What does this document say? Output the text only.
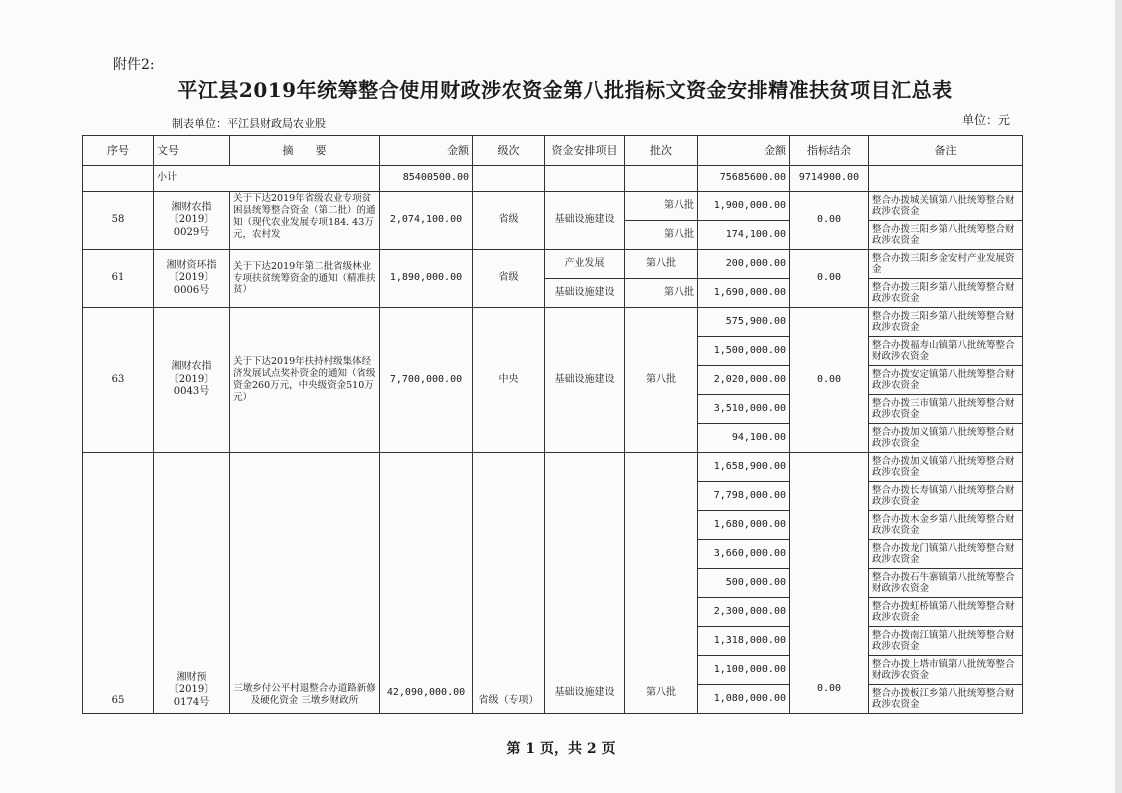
附件2:
平江县2019年统筹整合使用财政涉农资金第八批指标文资金安排精准扶贫项目汇总表
制表单位：平江县财政局农业股	单位：元
序号	文号	摘　　要	金额	级次	资金安排项目	批次	金额	指标结余	备注
	小计		85400500.00				75685600.00	9714900.00	
58	湘财农指〔2019〕0029号	关于下达2019年省级农业专项贫困县统筹整合资金（第二批）的通知（现代农业发展专项184. 43万元，农村发	2,074,100.00	省级	基础设施建设	第八批	1,900,000.00	0.00	整合办拨城关镇第八批统筹整合财政涉农资金
						第八批	174,100.00		整合办拨三阳乡第八批统筹整合财政涉农资金
61	湘财资环指〔2019〕0006号	关于下达2019年第二批省级林业专项扶贫统筹资金的通知（精准扶贫）	1,890,000.00	省级	产业发展	第八批	200,000.00	0.00	整合办拨三阳乡金安村产业发展资金
					基础设施建设	第八批	1,690,000.00		整合办拨三阳乡第八批统筹整合财政涉农资金
63	湘财农指〔2019〕0043号	关于下达2019年扶持村级集体经济发展试点奖补资金的通知（省级资金260万元，中央级资金510万元）	7,700,000.00	中央	基础设施建设	第八批	575,900.00	0.00	整合办拨三阳乡第八批统筹整合财政涉农资金
							1,500,000.00		整合办拨福寿山镇第八批统筹整合财政涉农资金
							2,020,000.00		整合办拨安定镇第八批统筹整合财政涉农资金
							3,510,000.00		整合办拨三市镇第八批统筹整合财政涉农资金
							94,100.00		整合办拨加义镇第八批统筹整合财政涉农资金
65	湘财预〔2019〕0174号	三墩乡付公平村退整合办道路新修及硬化资金 三墩乡财政所	42,090,000.00	省级（专项）	基础设施建设	第八批	1,658,900.00	0.00	整合办拨加义镇第八批统筹整合财政涉农资金
							7,798,000.00		整合办拨长寿镇第八批统筹整合财政涉农资金
							1,680,000.00		整合办拨木金乡第八批统筹整合财政涉农资金
							3,660,000.00		整合办拨龙门镇第八批统筹整合财政涉农资金
							500,000.00		整合办拨石牛寨镇第八批统筹整合财政涉农资金
							2,300,000.00		整合办拨虹桥镇第八批统筹整合财政涉农资金
							1,318,000.00		整合办拨南江镇第八批统筹整合财政涉农资金
							1,100,000.00		整合办拨上塔市镇第八批统筹整合财政涉农资金
							1,080,000.00		整合办拨板江乡第八批统筹整合财政涉农资金
第 1 页，共 2 页
